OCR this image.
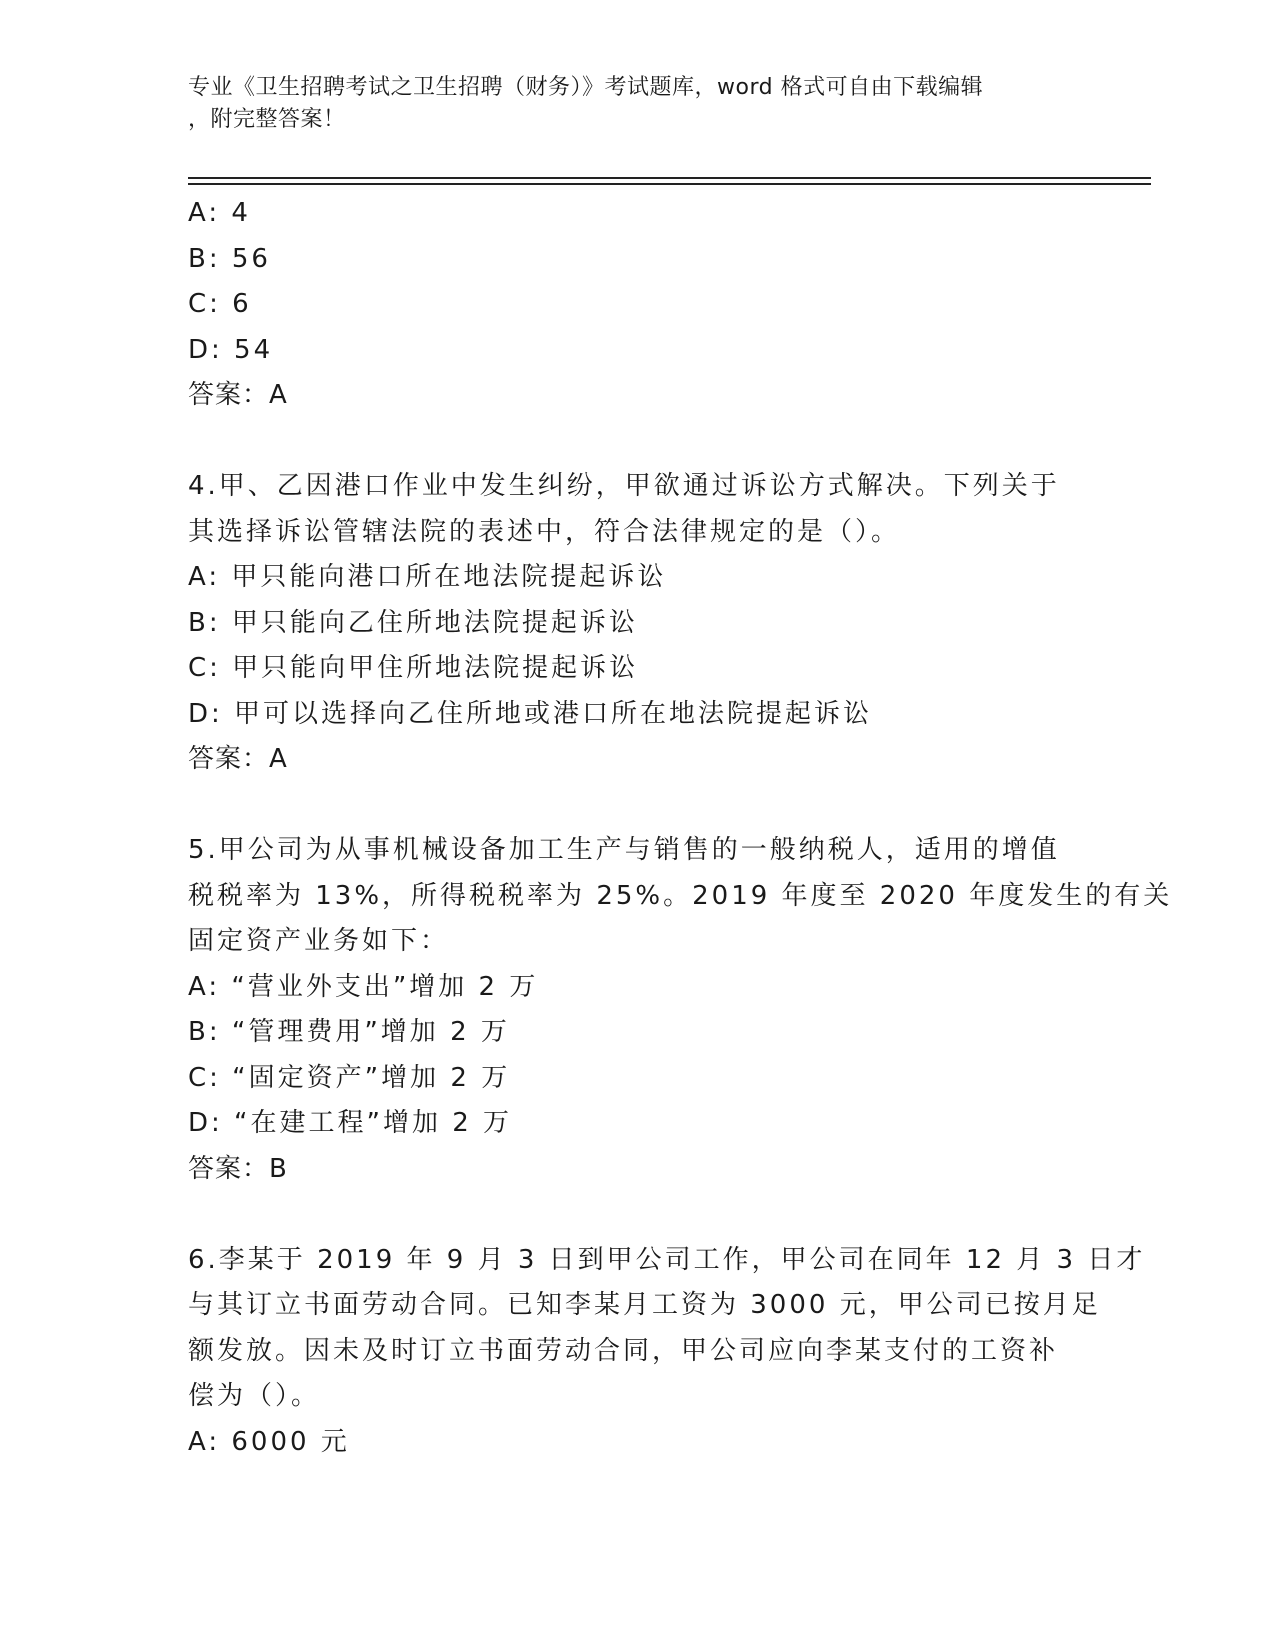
专业《卫生招聘考试之卫生招聘（财务）》考试题库，word 格式可自由下载编辑
，附完整答案！
A: 4
B: 56
C: 6
D: 54
答案：A
4.甲、乙因港口作业中发生纠纷，甲欲通过诉讼方式解决。下列关于
其选择诉讼管辖法院的表述中，符合法律规定的是（）。
A: 甲只能向港口所在地法院提起诉讼
B: 甲只能向乙住所地法院提起诉讼
C: 甲只能向甲住所地法院提起诉讼
D: 甲可以选择向乙住所地或港口所在地法院提起诉讼
答案：A
5.甲公司为从事机械设备加工生产与销售的一般纳税人，适用的增值
税税率为 13%，所得税税率为 25%。2019 年度至 2020 年度发生的有关
固定资产业务如下：
A: “营业外支出”增加 2 万
B: “管理费用”增加 2 万
C: “固定资产”增加 2 万
D: “在建工程”增加 2 万
答案：B
6.李某于 2019 年 9 月 3 日到甲公司工作，甲公司在同年 12 月 3 日才
与其订立书面劳动合同。已知李某月工资为 3000 元，甲公司已按月足
额发放。因未及时订立书面劳动合同，甲公司应向李某支付的工资补
偿为（）。
A: 6000 元
